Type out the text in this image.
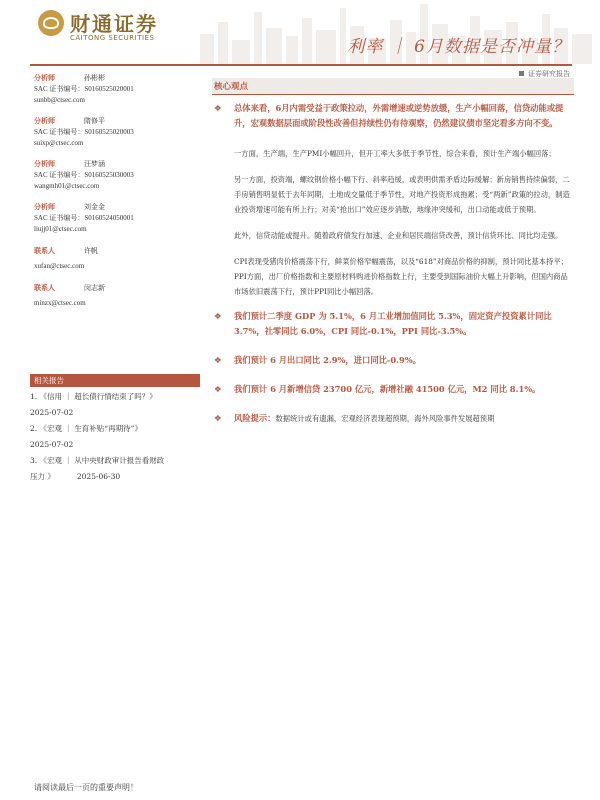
财通证券
CAITONG SECURITIES	利率 ｜ 6月数据是否冲量？
证券研究报告
分析师	孙彬彬
SAC 证书编号：S0160525020001
sunbb@ctsec.com
分析师	隋修平
SAC 证书编号：S0160525020003
suixp@ctsec.com
分析师	汪梦涵
SAC 证书编号：S0160525030003
wangmh01@ctsec.com
分析师	刘金金
SAC 证书编号：S0160524050001
liujj01@ctsec.com
联系人	许帆
xufan@ctsec.com
联系人	闵志新
minzx@ctsec.com
相关报告
1. 《信用 ｜ 超长债行情结束了吗？》
2025-07-02
2. 《宏观 ｜ 生育补贴“再期待”》
2025-07-02
3. 《宏观 ｜ 从中央财政审计报告看财政
压力 》	2025-06-30
核心观点
❖ 总体来看，6月内需受益于政策拉动，外需增速或逆势放缓，生产小幅回落，信贷动能或提升，宏观数据层面或阶段性改善但持续性仍有待观察，仍然建议债市坚定看多方向不变。
一方面，生产端，生产PMI小幅回升，但开工率大多低于季节性，综合来看，预计生产端小幅回落；
另一方面，投资端，螺纹钢价格小幅下行、斜率趋缓，或表明供需矛盾边际缓解；新房销售持续偏弱，二手房销售明显低于去年同期，土地成交量低于季节性，对地产投资形成拖累；受“两新”政策的拉动，制造业投资增速可能有所上行；对美“抢出口”效应逐步消散，地缘冲突缓和，出口动能或低于预期。
此外，信贷动能或提升。随着政府债发行加速、企业和居民端信贷改善，预计信贷环比、同比均走强。
CPI表现受猪肉价格震荡下行，鲜菜价格窄幅震荡，以及“618”对商品价格的抑制，预计同比基本持平；PPI方面，出厂价格指数和主要原材料购进价格指数上行，主要受到国际油价大幅上升影响，但国内商品市场依旧震荡下行，预计PPI同比小幅回落。
❖ 我们预计二季度 GDP 为 5.1%，6 月工业增加值同比 5.3%，固定资产投资累计同比 3.7%，社零同比 6.0%，CPI 同比-0.1%，PPI 同比-3.5%。
❖ 我们预计 6 月出口同比 2.9%，进口同比-0.9%。
❖ 我们预计 6 月新增信贷 23700 亿元，新增社融 41500 亿元，M2 同比 8.1%。
❖ 风险提示：数据统计或有遗漏，宏观经济表现超预期，海外风险事件发展超预期
请阅读最后一页的重要声明！
